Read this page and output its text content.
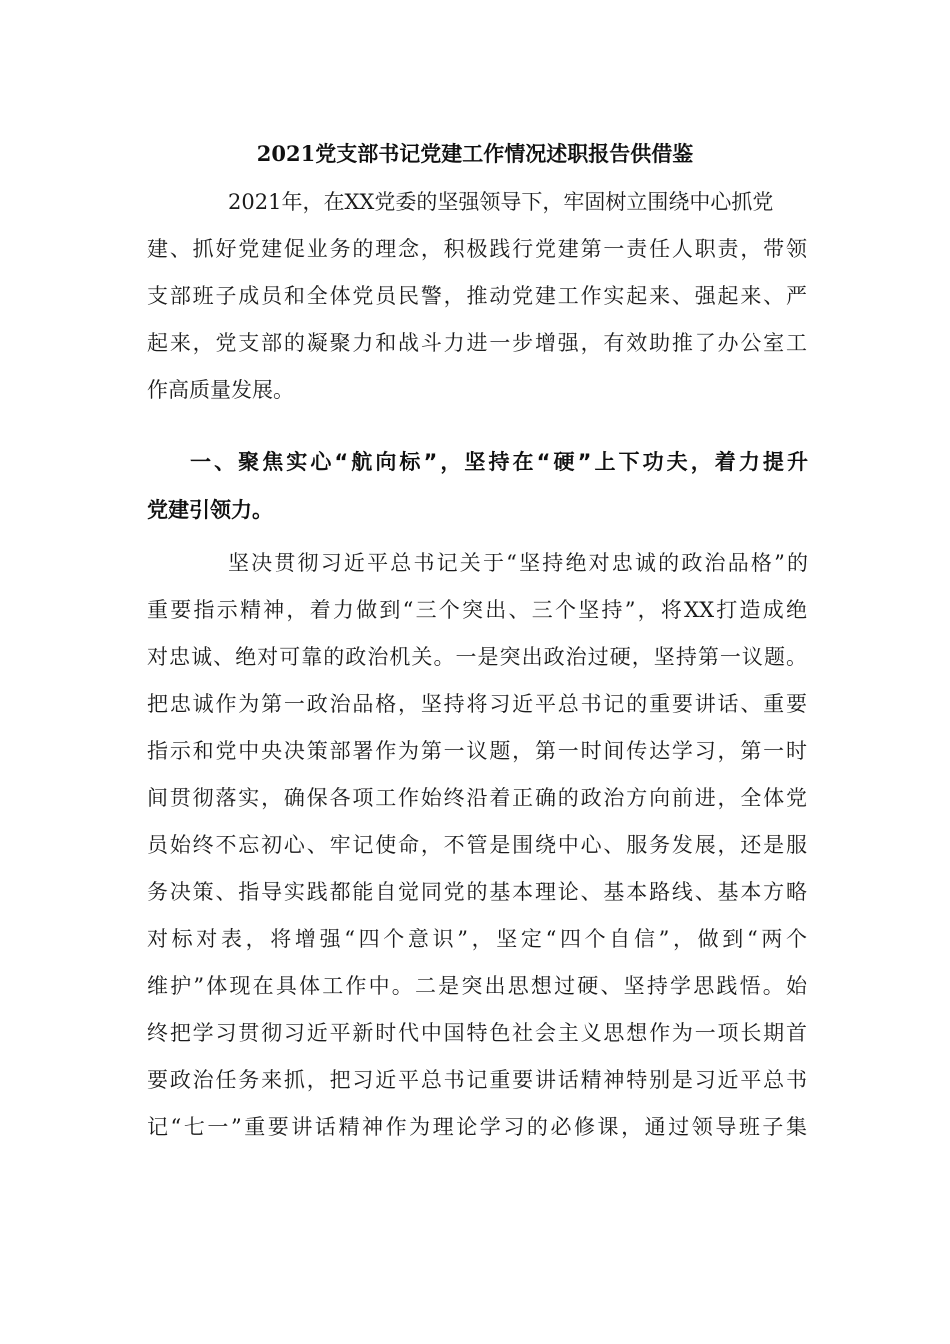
2021党支部书记党建工作情况述职报告供借鉴
2021年，在XX党委的坚强领导下，牢固树立围绕中心抓党
建、抓好党建促业务的理念，积极践行党建第一责任人职责，带领
支部班子成员和全体党员民警，推动党建工作实起来、强起来、严
起来，党支部的凝聚力和战斗力进一步增强，有效助推了办公室工
作高质量发展。
一、聚焦实心“航向标”，坚持在“硬”上下功夫，着力提升
党建引领力。
坚决贯彻习近平总书记关于“坚持绝对忠诚的政治品格”的
重要指示精神，着力做到“三个突出、三个坚持”，将XX打造成绝
对忠诚、绝对可靠的政治机关。一是突出政治过硬，坚持第一议题。
把忠诚作为第一政治品格，坚持将习近平总书记的重要讲话、重要
指示和党中央决策部署作为第一议题，第一时间传达学习，第一时
间贯彻落实，确保各项工作始终沿着正确的政治方向前进，全体党
员始终不忘初心、牢记使命，不管是围绕中心、服务发展，还是服
务决策、指导实践都能自觉同党的基本理论、基本路线、基本方略
对标对表，将增强“四个意识”，坚定“四个自信”，做到“两个
维护”体现在具体工作中。二是突出思想过硬、坚持学思践悟。始
终把学习贯彻习近平新时代中国特色社会主义思想作为一项长期首
要政治任务来抓，把习近平总书记重要讲话精神特别是习近平总书
记“七一”重要讲话精神作为理论学习的必修课，通过领导班子集
